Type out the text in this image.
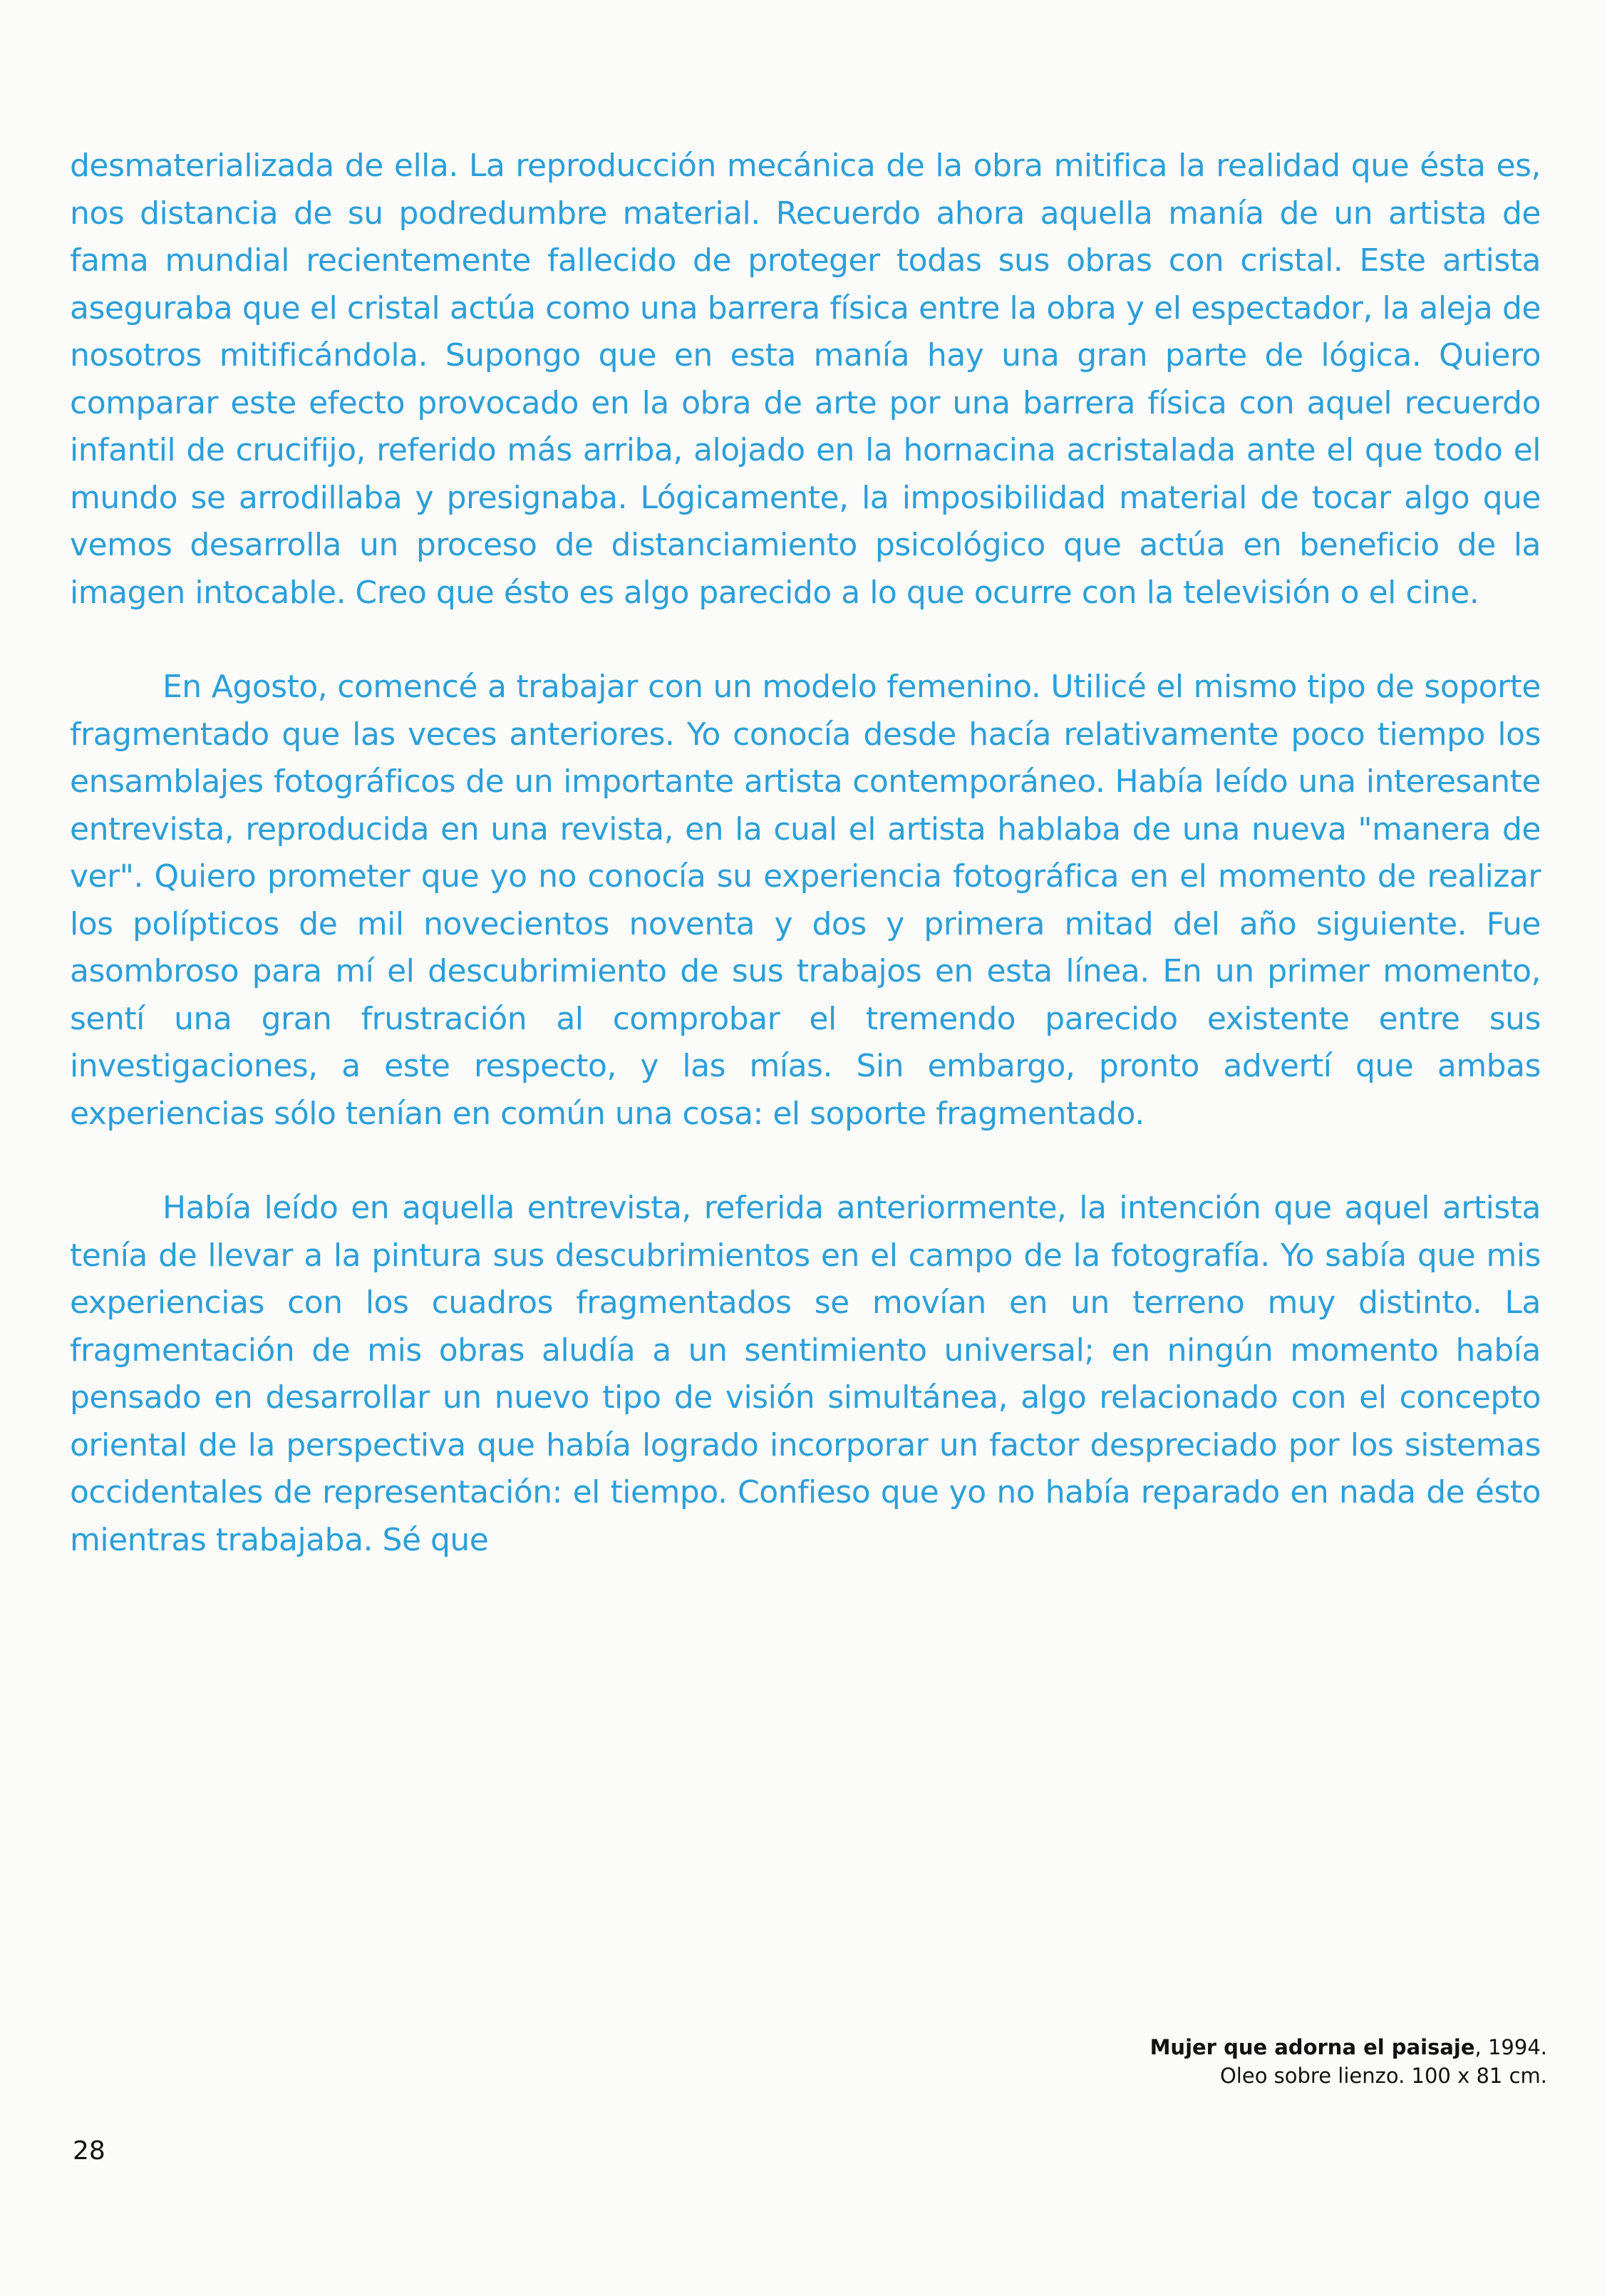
desmaterializada de ella. La reproducción mecánica de la obra mitifica la realidad que ésta es, nos distancia de su podredumbre material. Recuerdo ahora aquella manía de un artista de fama mundial recientemente fallecido de proteger todas sus obras con cristal. Este artista aseguraba que el cristal actúa como una barrera física entre la obra y el espectador, la aleja de nosotros mitificándola. Supongo que en esta manía hay una gran parte de lógica. Quiero comparar este efecto provocado en la obra de arte por una barrera física con aquel recuerdo infantil de crucifijo, referido más arriba, alojado en la hornacina acristalada ante el que todo el mundo se arrodillaba y presignaba. Lógicamente, la imposibilidad material de tocar algo que vemos desarrolla un proceso de distanciamiento psicológico que actúa en beneficio de la imagen intocable. Creo que ésto es algo parecido a lo que ocurre con la televisión o el cine.

En Agosto, comencé a trabajar con un modelo femenino. Utilicé el mismo tipo de soporte fragmentado que las veces anteriores. Yo conocía desde hacía relativamente poco tiempo los ensamblajes fotográficos de un importante artista contemporáneo. Había leído una interesante entrevista, reproducida en una revista, en la cual el artista hablaba de una nueva "manera de ver". Quiero prometer que yo no conocía su experiencia fotográfica en el momento de realizar los polípticos de mil novecientos noventa y dos y primera mitad del año siguiente. Fue asombroso para mí el descubrimiento de sus trabajos en esta línea. En un primer momento, sentí una gran frustración al comprobar el tremendo parecido existente entre sus investigaciones, a este respecto, y las mías. Sin embargo, pronto advertí que ambas experiencias sólo tenían en común una cosa: el soporte fragmentado.

Había leído en aquella entrevista, referida anteriormente, la intención que aquel artista tenía de llevar a la pintura sus descubrimientos en el campo de la fotografía. Yo sabía que mis experiencias con los cuadros fragmentados se movían en un terreno muy distinto. La fragmentación de mis obras aludía a un sentimiento universal; en ningún momento había pensado en desarrollar un nuevo tipo de visión simultánea, algo relacionado con el concepto oriental de la perspectiva que había logrado incorporar un factor despreciado por los sistemas occidentales de representación: el tiempo. Confieso que yo no había reparado en nada de ésto mientras trabajaba. Sé que

Mujer que adorna el paisaje, 1994.
Oleo sobre lienzo. 100 x 81 cm.
28
